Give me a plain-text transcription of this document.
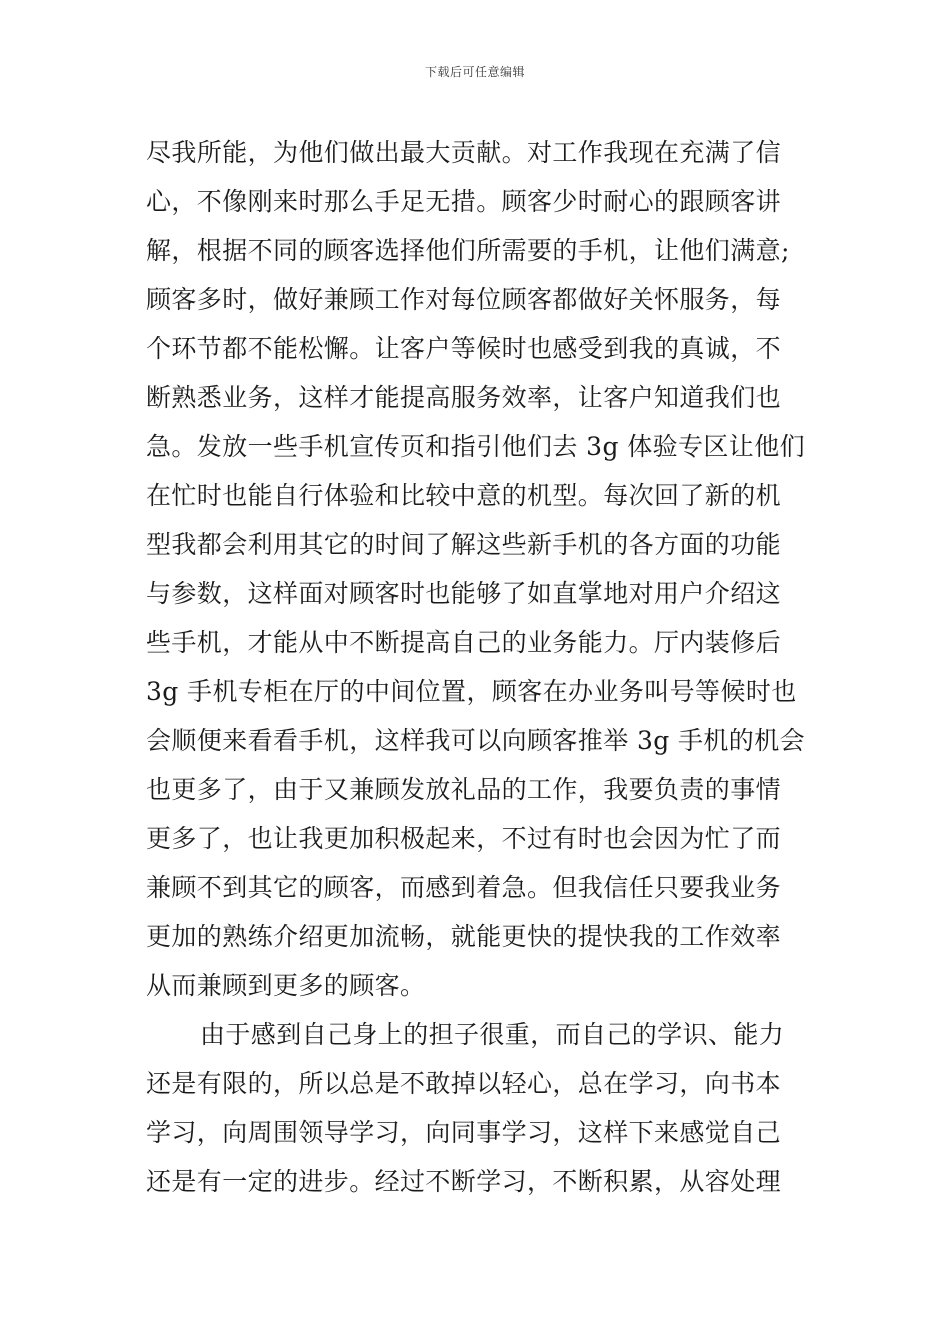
下载后可任意编辑
尽我所能，为他们做出最大贡献。对工作我现在充满了信
心，不像刚来时那么手足无措。顾客少时耐心的跟顾客讲
解，根据不同的顾客选择他们所需要的手机，让他们满意;
顾客多时，做好兼顾工作对每位顾客都做好关怀服务，每
个环节都不能松懈。让客户等候时也感受到我的真诚，不
断熟悉业务，这样才能提高服务效率，让客户知道我们也
急。发放一些手机宣传页和指引他们去 3g 体验专区让他们
在忙时也能自行体验和比较中意的机型。每次回了新的机
型我都会利用其它的时间了解这些新手机的各方面的功能
与参数，这样面对顾客时也能够了如直掌地对用户介绍这
些手机，才能从中不断提高自己的业务能力。厅内装修后
3g 手机专柜在厅的中间位置，顾客在办业务叫号等候时也
会顺便来看看手机，这样我可以向顾客推举 3g 手机的机会
也更多了，由于又兼顾发放礼品的工作，我要负责的事情
更多了，也让我更加积极起来，不过有时也会因为忙了而
兼顾不到其它的顾客，而感到着急。但我信任只要我业务
更加的熟练介绍更加流畅，就能更快的提快我的工作效率
从而兼顾到更多的顾客。
由于感到自己身上的担子很重，而自己的学识、能力
还是有限的，所以总是不敢掉以轻心，总在学习，向书本
学习，向周围领导学习，向同事学习，这样下来感觉自己
还是有一定的进步。经过不断学习，不断积累，从容处理
